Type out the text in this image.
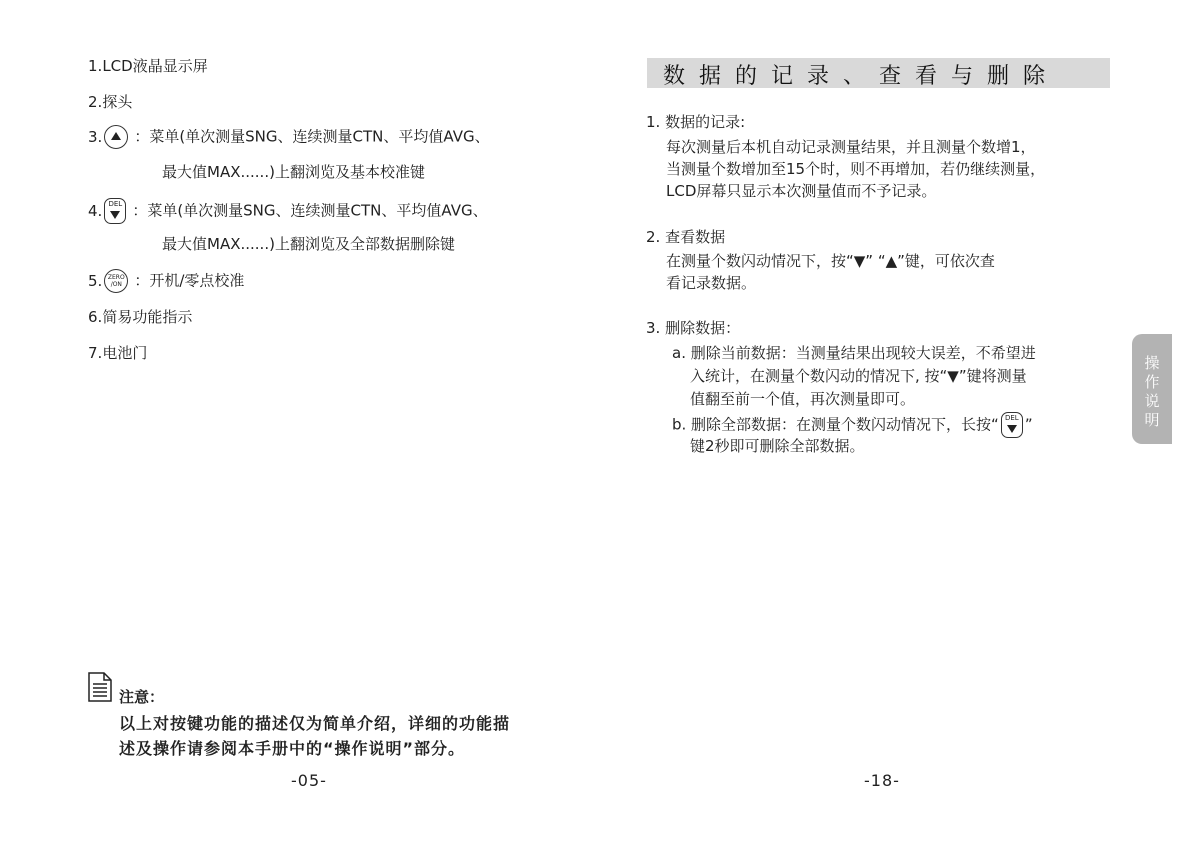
1.LCD液晶显示屏
2.探头
3. ：菜单(单次测量SNG、连续测量CTN、平均值AVG、
最大值MAX......)上翻浏览及基本校准键
4. DEL ：菜单(单次测量SNG、连续测量CTN、平均值AVG、
最大值MAX......)上翻浏览及全部数据删除键
5. ZERO
/ON ：开机/零点校准
6.简易功能指示
7.电池门
注意：
以上对按键功能的描述仅为简单介绍，详细的功能描
述及操作请参阅本手册中的“操作说明”部分。
-05-
数据的记录、查看与删除
1. 数据的记录:
每次测量后本机自动记录测量结果，并且测量个数增1，
当测量个数增加至15个时，则不再增加，若仍继续测量，
LCD屏幕只显示本次测量值而不予记录。
2. 查看数据
在测量个数闪动情况下，按“▼” “▲”键，可依次查
看记录数据。
3. 删除数据：
a. 删除当前数据：当测量结果出现较大误差，不希望进
入统计，在测量个数闪动的情况下, 按“▼”键将测量
值翻至前一个值，再次测量即可。
b. 删除全部数据：在测量个数闪动情况下，长按“ DEL ”
键2秒即可删除全部数据。
操
作
说
明
-18-
